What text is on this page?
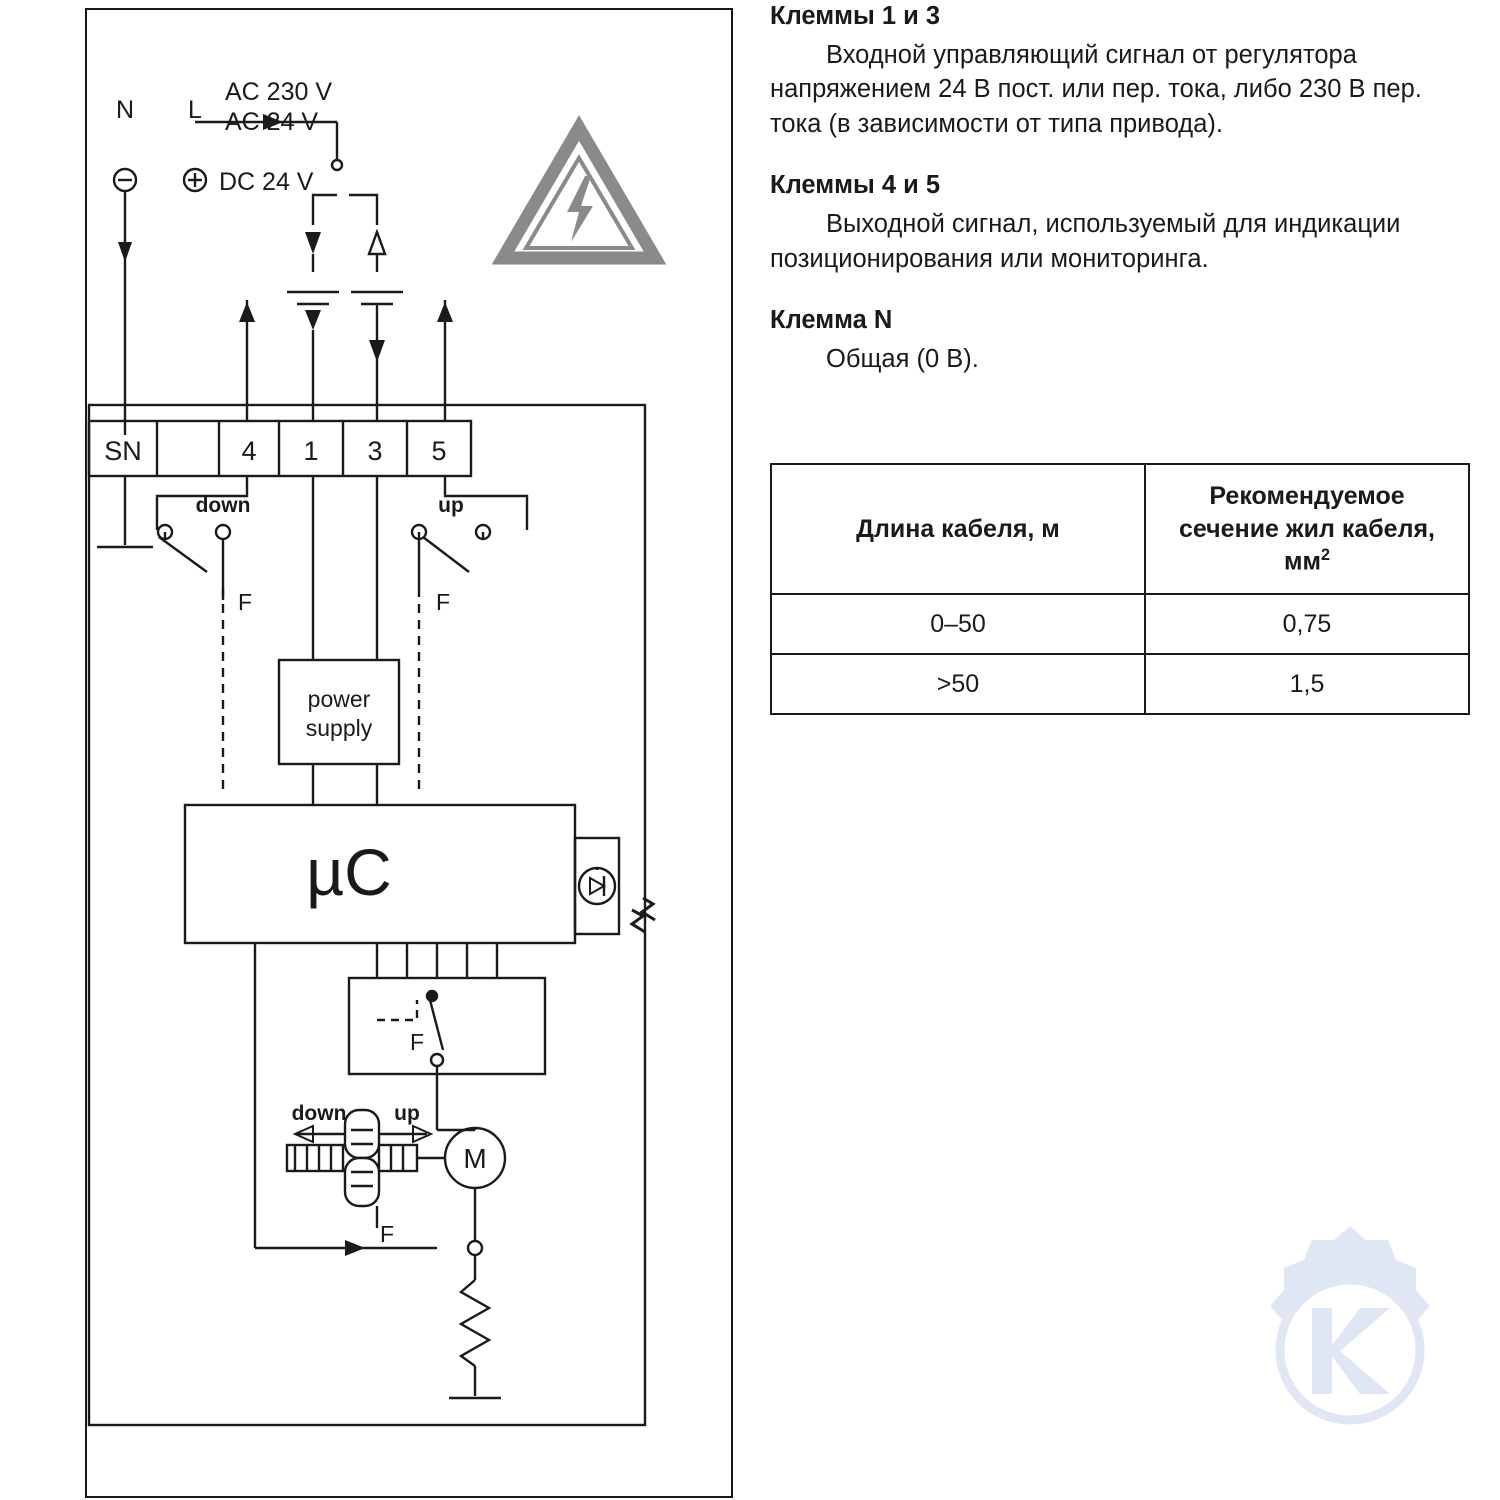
N L
AC 230 V
AC 24 V
DC 24 V
SN	4 1 3 5
down	up
F	F
power
supply
µC
F
down up
M
F
Клеммы 1 и 3

Входной управляющий сигнал от регулятора напряжением 24 В пост. или пер. тока, либо 230 В пер. тока (в зависимости от типа привода).

Клеммы 4 и 5

Выходной сигнал, используемый для индикации позиционирования или мониторинга.

Клемма N

Общая (0 В).

Длина кабеля, м	Рекомендуемое
сечение жил кабеля,
$мм^2$
0–50	0,75
>50	1,5
